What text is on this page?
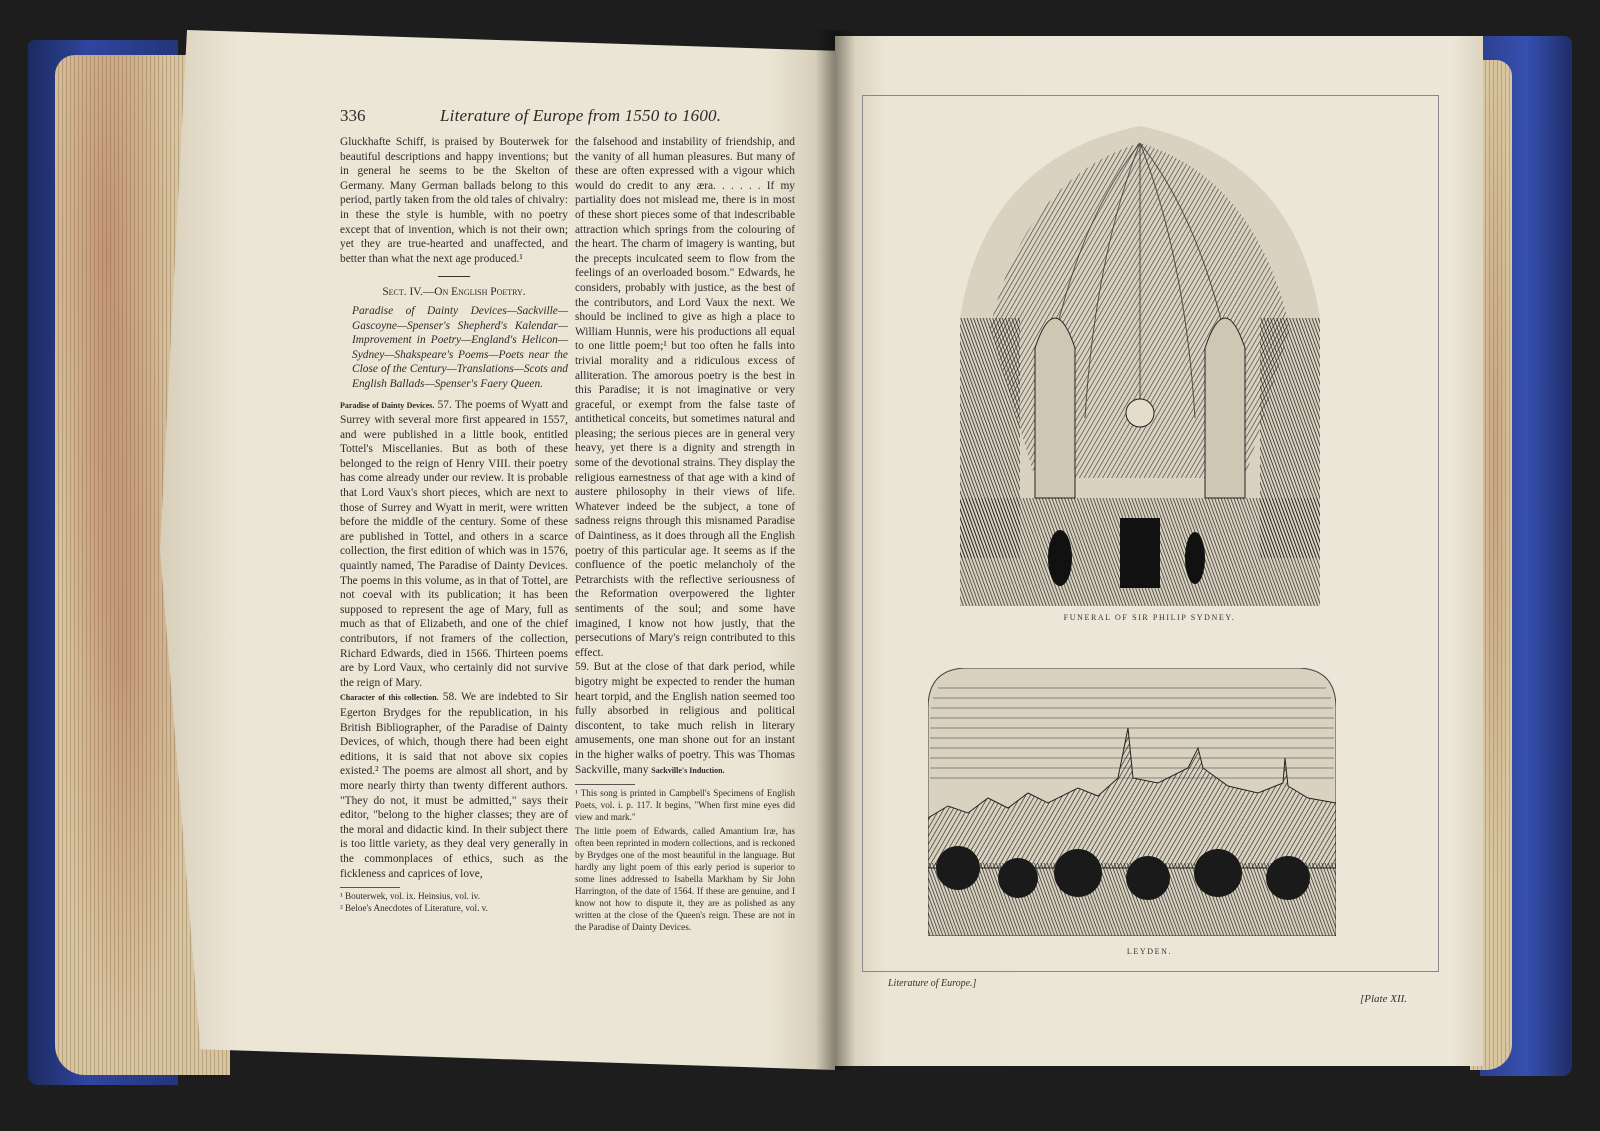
336	Literature of Europe from 1550 to 1600.

Gluckhafte Schiff, is praised by Bouterwek for beautiful descriptions and happy inventions; but in general he seems to be the Skelton of Germany. Many German ballads belong to this period, partly taken from the old tales of chivalry: in these the style is humble, with no poetry except that of invention, which is not their own; yet they are true-hearted and unaffected, and better than what the next age produced.¹

Sect. IV.—On English Poetry.

Paradise of Dainty Devices—Sackville—Gascoyne—Spenser's Shepherd's Kalendar—Improvement in Poetry—England's Helicon—Sydney—Shakspeare's Poems—Poets near the Close of the Century—Translations—Scots and English Ballads—Spenser's Faery Queen.

Paradise of Dainty Devices. 57. The poems of Wyatt and Surrey with several more first appeared in 1557, and were published in a little book, entitled Tottel's Miscellanies. But as both of these belonged to the reign of Henry VIII. their poetry has come already under our review. It is probable that Lord Vaux's short pieces, which are next to those of Surrey and Wyatt in merit, were written before the middle of the century. Some of these are published in Tottel, and others in a scarce collection, the first edition of which was in 1576, quaintly named, The Paradise of Dainty Devices. The poems in this volume, as in that of Tottel, are not coeval with its publication; it has been supposed to represent the age of Mary, full as much as that of Elizabeth, and one of the chief contributors, if not framers of the collection, Richard Edwards, died in 1566. Thirteen poems are by Lord Vaux, who certainly did not survive the reign of Mary.

Character of this collection. 58. We are indebted to Sir Egerton Brydges for the republication, in his British Bibliographer, of the Paradise of Dainty Devices, of which, though there had been eight editions, it is said that not above six copies existed.² The poems are almost all short, and by more nearly thirty than twenty different authors. "They do not, it must be admitted," says their editor, "belong to the higher classes; they are of the moral and didactic kind. In their subject there is too little variety, as they deal very generally in the commonplaces of ethics, such as the fickleness and caprices of love,

¹ Bouterwek, vol. ix. Heinsius, vol. iv.

² Beloe's Anecdotes of Literature, vol. v.

the falsehood and instability of friendship, and the vanity of all human pleasures. But many of these are often expressed with a vigour which would do credit to any æra. . . . . . If my partiality does not mislead me, there is in most of these short pieces some of that indescribable attraction which springs from the colouring of the heart. The charm of imagery is wanting, but the precepts inculcated seem to flow from the feelings of an overloaded bosom." Edwards, he considers, probably with justice, as the best of the contributors, and Lord Vaux the next. We should be inclined to give as high a place to William Hunnis, were his productions all equal to one little poem;¹ but too often he falls into trivial morality and a ridiculous excess of alliteration. The amorous poetry is the best in this Paradise; it is not imaginative or very graceful, or exempt from the false taste of antithetical conceits, but sometimes natural and pleasing; the serious pieces are in general very heavy, yet there is a dignity and strength in some of the devotional strains. They display the religious earnestness of that age with a kind of austere philosophy in their views of life. Whatever indeed be the subject, a tone of sadness reigns through this misnamed Paradise of Daintiness, as it does through all the English poetry of this particular age. It seems as if the confluence of the poetic melancholy of the Petrarchists with the reflective seriousness of the Reformation overpowered the lighter sentiments of the soul; and some have imagined, I know not how justly, that the persecutions of Mary's reign contributed to this effect.

59. But at the close of that dark period, while bigotry might be expected to render the human heart torpid, and the English nation seemed too fully absorbed in religious and political discontent, to take much relish in literary amusements, one man shone out for an instant in the higher walks of poetry. This was Thomas Sackville, many Sackville's Induction.

¹ This song is printed in Campbell's Specimens of English Poets, vol. i. p. 117. It begins, "When first mine eyes did view and mark."

The little poem of Edwards, called Amantium Iræ, has often been reprinted in modern collections, and is reckoned by Brydges one of the most beautiful in the language. But hardly any light poem of this early period is superior to some lines addressed to Isabella Markham by Sir John Harrington, of the date of 1564. If these are genuine, and I know not how to dispute it, they are as polished as any written at the close of the Queen's reign. These are not in the Paradise of Dainty Devices.

FUNERAL OF SIR PHILIP SYDNEY.
LEYDEN.
Literature of Europe.]
[Plate XII.
